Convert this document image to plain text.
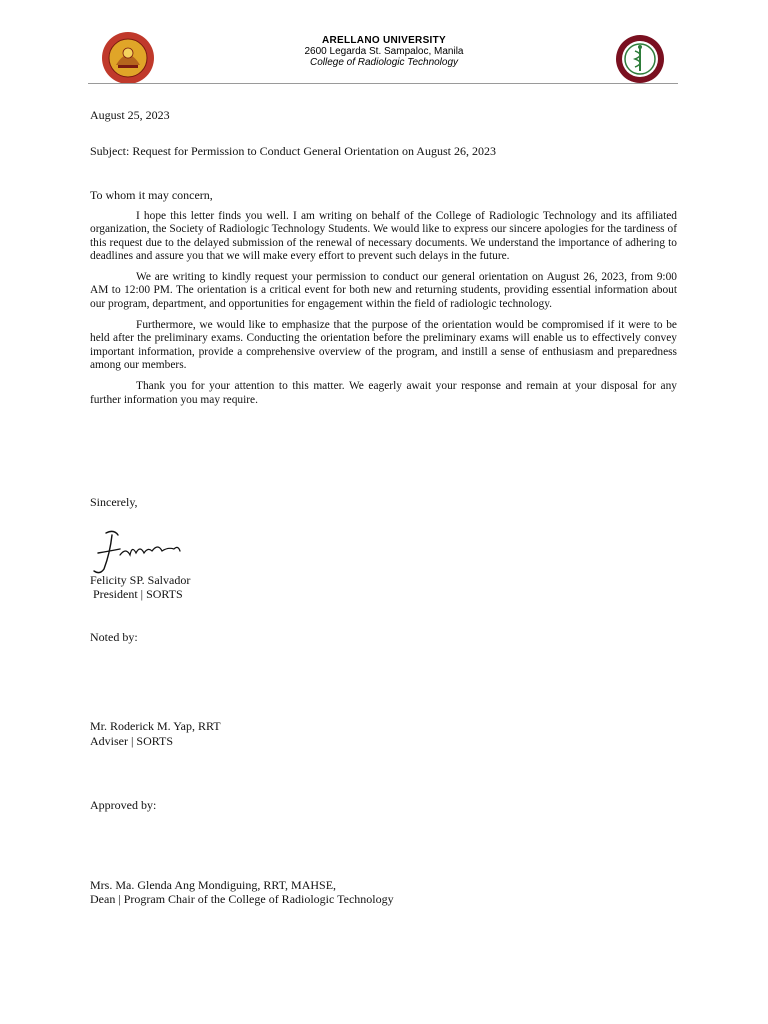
ARELLANO UNIVERSITY
2600 Legarda St. Sampaloc, Manila
College of Radiologic Technology
August 25, 2023
Subject: Request for Permission to Conduct General Orientation on August 26, 2023
To whom it may concern,

I hope this letter finds you well. I am writing on behalf of the College of Radiologic Technology and its affiliated organization, the Society of Radiologic Technology Students. We would like to express our sincere apologies for the tardiness of this request due to the delayed submission of the renewal of necessary documents. We understand the importance of adhering to deadlines and assure you that we will make every effort to prevent such delays in the future.

We are writing to kindly request your permission to conduct our general orientation on August 26, 2023, from 9:00 AM to 12:00 PM. The orientation is a critical event for both new and returning students, providing essential information about our program, department, and opportunities for engagement within the field of radiologic technology.

Furthermore, we would like to emphasize that the purpose of the orientation would be compromised if it were to be held after the preliminary exams. Conducting the orientation before the preliminary exams will enable us to effectively convey important information, provide a comprehensive overview of the program, and instill a sense of enthusiasm and preparedness among our members.

Thank you for your attention to this matter. We eagerly await your response and remain at your disposal for any further information you may require.

Sincerely,
Felicity SP. Salvador
President | SORTS
Noted by:
Mr. Roderick M. Yap, RRT
Adviser | SORTS
Approved by:
Mrs. Ma. Glenda Ang Mondiguing, RRT, MAHSE,
Dean | Program Chair of the College of Radiologic Technology
